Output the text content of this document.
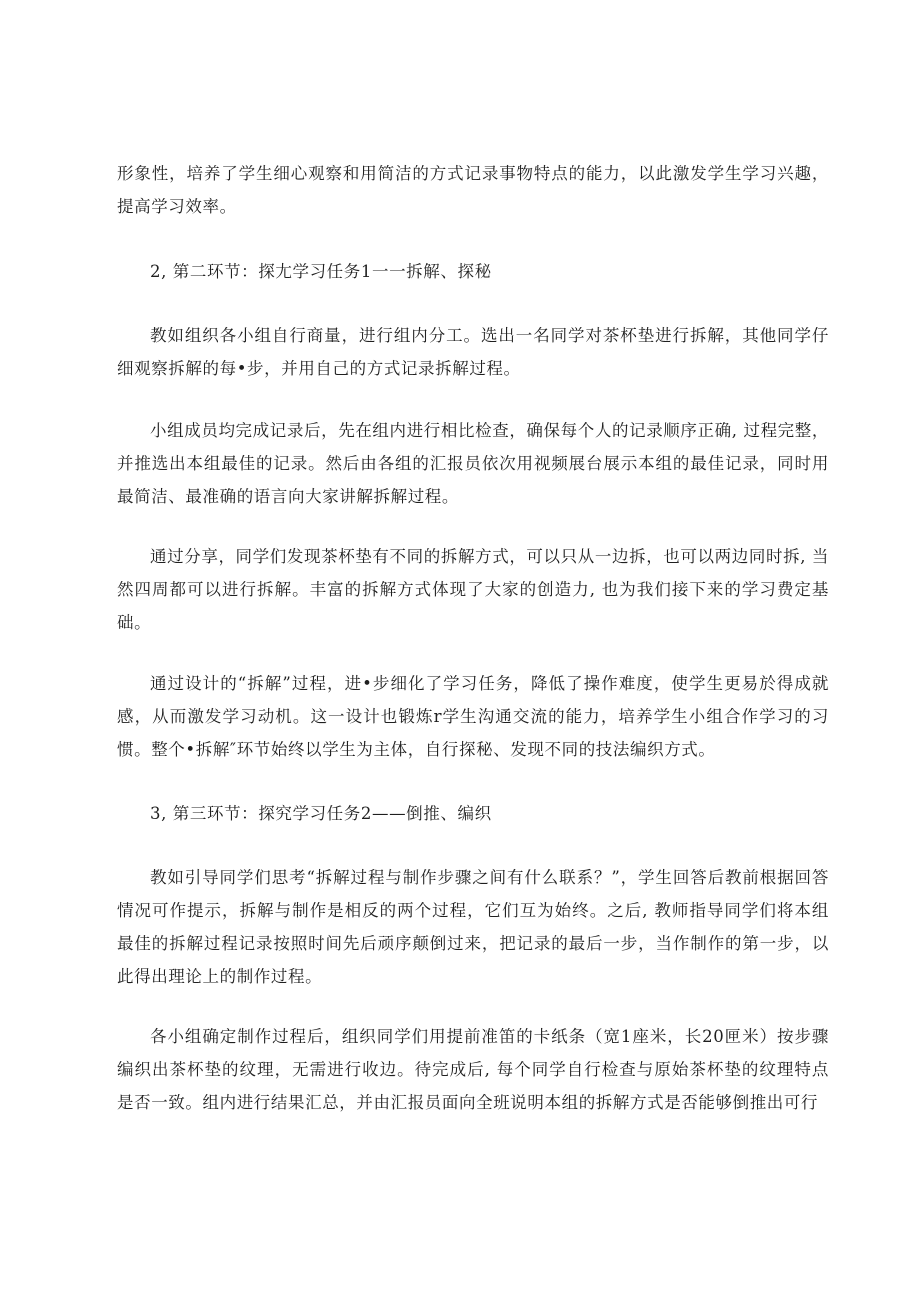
形象性，培养了学生细心观察和用简洁的方式记录事物特点的能力，以此激发学生学习兴趣，提高学习效率。

2, 第二环节：探尢学习任务1一一拆解、探秘

教如组织各小组自行商量，进行组内分工。选出一名同学对茶杯垫进行拆解，其他同学仔细观察拆解的每•步，并用自己的方式记录拆解过程。

小组成员均完成记录后，先在组内进行相比检查，确保每个人的记录顺序正确, 过程完整，并推选出本组最佳的记录。然后由各组的汇报员依次用视频展台展示本组的最佳记录，同时用最简洁、最准确的语言向大家讲解拆解过程。

通过分享，同学们发现茶杯垫有不同的拆解方式，可以只从一边拆，也可以两边同时拆, 当然四周都可以进行拆解。丰富的拆解方式体现了大家的创造力, 也为我们接下来的学习费定基础。

通过设计的“拆解”过程，进•步细化了学习任务，降低了操作难度，使学生更易於得成就感，从而激发学习动机。这一设计也锻炼r学生沟通交流的能力，培养学生小组合作学习的习惯。整个•拆解″环节始终以学生为主体，自行探秘、发现不同的技法编织方式。

3, 第三环节：探究学习任务2——倒推、编织

教如引导同学们思考“拆解过程与制作步骤之间有什么联系？”，学生回答后教前根据回答情况可作提示，拆解与制作是相反的两个过程，它们互为始终。之后, 教师指导同学们将本组最佳的拆解过程记录按照时间先后顽序颠倒过来，把记录的最后一步，当作制作的第一步，以此得出理论上的制作过程。

各小组确定制作过程后，组织同学们用提前准笛的卡纸条（宽1座米，长20匣米）按步骤编织出茶杯垫的纹理，无需进行收边。待完成后, 每个同学自行检查与原始茶杯垫的纹理特点是否一致。组内进行结果汇总，并由汇报员面向全班说明本组的拆解方式是否能够倒推出可行
